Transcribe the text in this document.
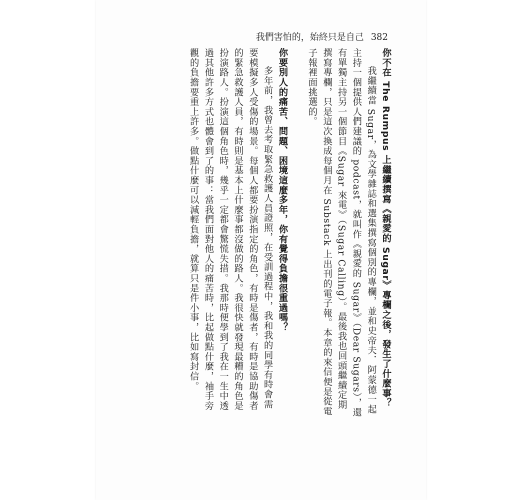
我們害怕的，始終只是自己 382

你不在 The Rumpus 上繼續撰寫《親愛的 Sugar》專欄之後，發生了什麼事？

我繼續當 Sugar，為文學雜誌和選集撰寫個別的專欄，並和史帝夫．阿蒙德一起主持一個提供人們建議的 podcast，就叫作《親愛的 Sugar》（Dear Sugars），還有單獨主持另一個節目《Sugar 來電》（Sugar Calling）。最後我也回頭繼續定期撰寫專欄，只是這次換成每個月在 Substack 上出刊的電子報。本章的來信便是從電子報裡面挑選的。

你要別人的痛苦、問題、困境這麼多年，你有覺得負擔很重過嗎？

多年前，我曾去考取緊急救護人員證照，在受訓過程中，我和我的同學有時會需要模擬多人受傷的場景。每個人都要扮演指定的角色，有時是傷者，有時是協助傷者的緊急救護人員，有時則是基本上什麼事都沒做的路人。我很快就發現最糟的角色是扮演路人。扮演這個角色時，幾乎一定都會驚慌失措。我那時便學到了我在一生中透過其他許多方式也體會到了的事：當我們面對他人的痛苦時，比起做點什麼，袖手旁觀的負擔要重上許多。做點什麼可以減輕負擔，就算只是件小事，比如寫封信。
